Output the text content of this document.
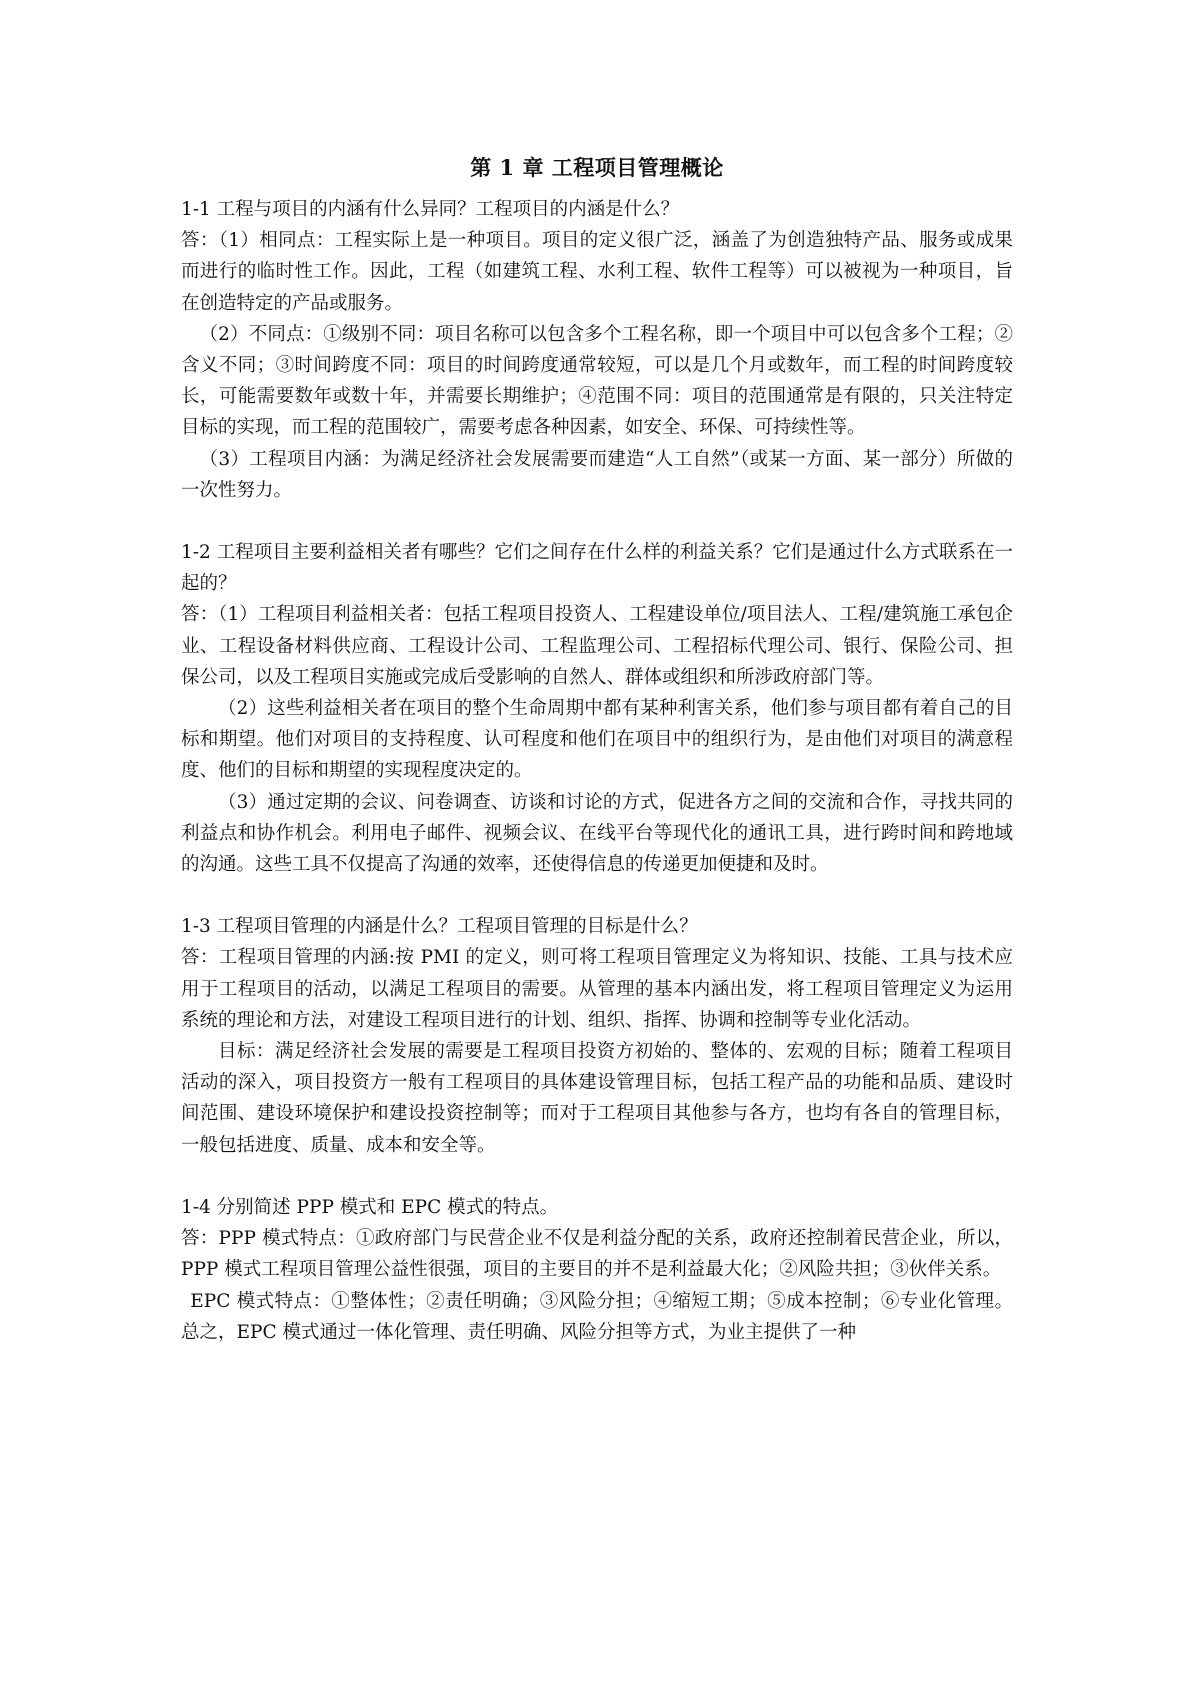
第 1 章 工程项目管理概论

1-1 工程与项目的内涵有什么异同？工程项目的内涵是什么？

答：（1）相同点：工程实际上是一种项目。项目的定义很广泛，涵盖了为创造独特产品、服务或成果而进行的临时性工作。因此，工程（如建筑工程、水利工程、软件工程等）可以被视为一种项目，旨在创造特定的产品或服务。

（2）不同点：①级别不同：项目名称可以包含多个工程名称，即一个项目中可以包含多个工程；②含义不同；③时间跨度不同：项目的时间跨度通常较短，可以是几个月或数年，而工程的时间跨度较长，可能需要数年或数十年，并需要长期维护；④范围不同：项目的范围通常是有限的，只关注特定目标的实现，而工程的范围较广，需要考虑各种因素，如安全、环保、可持续性等。

（3）工程项目内涵：为满足经济社会发展需要而建造“人工自然”（或某一方面、某一部分）所做的一次性努力。

1-2 工程项目主要利益相关者有哪些？它们之间存在什么样的利益关系？它们是通过什么方式联系在一起的？

答：（1）工程项目利益相关者：包括工程项目投资人、工程建设单位/项目法人、工程/建筑施工承包企业、工程设备材料供应商、工程设计公司、工程监理公司、工程招标代理公司、银行、保险公司、担保公司，以及工程项目实施或完成后受影响的自然人、群体或组织和所涉政府部门等。

（2）这些利益相关者在项目的整个生命周期中都有某种利害关系，他们参与项目都有着自己的目标和期望。他们对项目的支持程度、认可程度和他们在项目中的组织行为，是由他们对项目的满意程度、他们的目标和期望的实现程度决定的。

（3）通过定期的会议、问卷调查、访谈和讨论的方式，促进各方之间的交流和合作，寻找共同的利益点和协作机会。利用电子邮件、视频会议、在线平台等现代化的通讯工具，进行跨时间和跨地域的沟通。这些工具不仅提高了沟通的效率，还使得信息的传递更加便捷和及时。

1-3 工程项目管理的内涵是什么？工程项目管理的目标是什么？

答：工程项目管理的内涵:按 PMI 的定义，则可将工程项目管理定义为将知识、技能、工具与技术应用于工程项目的活动，以满足工程项目的需要。从管理的基本内涵出发，将工程项目管理定义为运用系统的理论和方法，对建设工程项目进行的计划、组织、指挥、协调和控制等专业化活动。

目标：满足经济社会发展的需要是工程项目投资方初始的、整体的、宏观的目标；随着工程项目活动的深入，项目投资方一般有工程项目的具体建设管理目标，包括工程产品的功能和品质、建设时间范围、建设环境保护和建设投资控制等；而对于工程项目其他参与各方，也均有各自的管理目标，一般包括进度、质量、成本和安全等。

1-4 分别简述 PPP 模式和 EPC 模式的特点。

答：PPP 模式特点：①政府部门与民营企业不仅是利益分配的关系，政府还控制着民营企业，所以，PPP 模式工程项目管理公益性很强，项目的主要目的并不是利益最大化；②风险共担；③伙伴关系。

EPC 模式特点：①整体性；②责任明确；③风险分担；④缩短工期；⑤成本控制；⑥专业化管理。总之，EPC 模式通过一体化管理、责任明确、风险分担等方式，为业主提供了一种
